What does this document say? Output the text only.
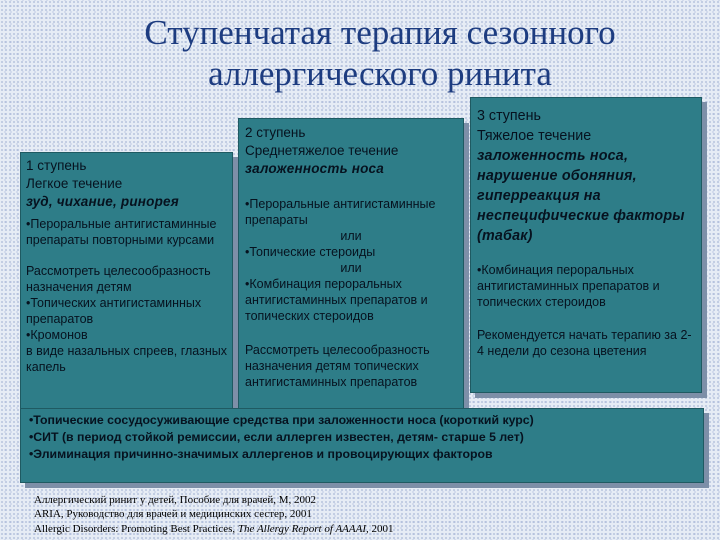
Ступенчатая терапия сезонного аллергического ринита

1 ступень

Легкое течение

зуд, чихание, ринорея

•Пероральные антигистаминные препараты повторными курсами

Рассмотреть целесообразность назначения детям

•Топических антигистаминных препаратов

•Кромонов

в виде назальных спреев, глазных капель

2 ступень

Среднетяжелое течение

заложенность носа

•Пероральные антигистаминные препараты

или

•Топические стероиды

или

•Комбинация пероральных антигистаминных препаратов и топических стероидов

Рассмотреть целесообразность назначения детям топических антигистаминных препаратов

3 ступень

Тяжелое течение

заложенность носа, нарушение обоняния, гиперреакция на неспецифические факторы (табак)

•Комбинация пероральных антигистаминных препаратов и топических стероидов

Рекомендуется начать терапию за 2-4 недели до сезона цветения

•Топические сосудосуживающие средства при заложенности носа (короткий курс)

•СИТ (в период стойкой ремиссии, если аллерген известен, детям- старше 5 лет)

•Элиминация причинно-значимых аллергенов и провоцирующих факторов

Аллергический ринит у детей, Пособие для врачей, М, 2002
ARIA, Руководство для врачей и медицинских сестер, 2001
Allergic Disorders: Promoting Best Practices, The Allergy Report of AAAAI, 2001
